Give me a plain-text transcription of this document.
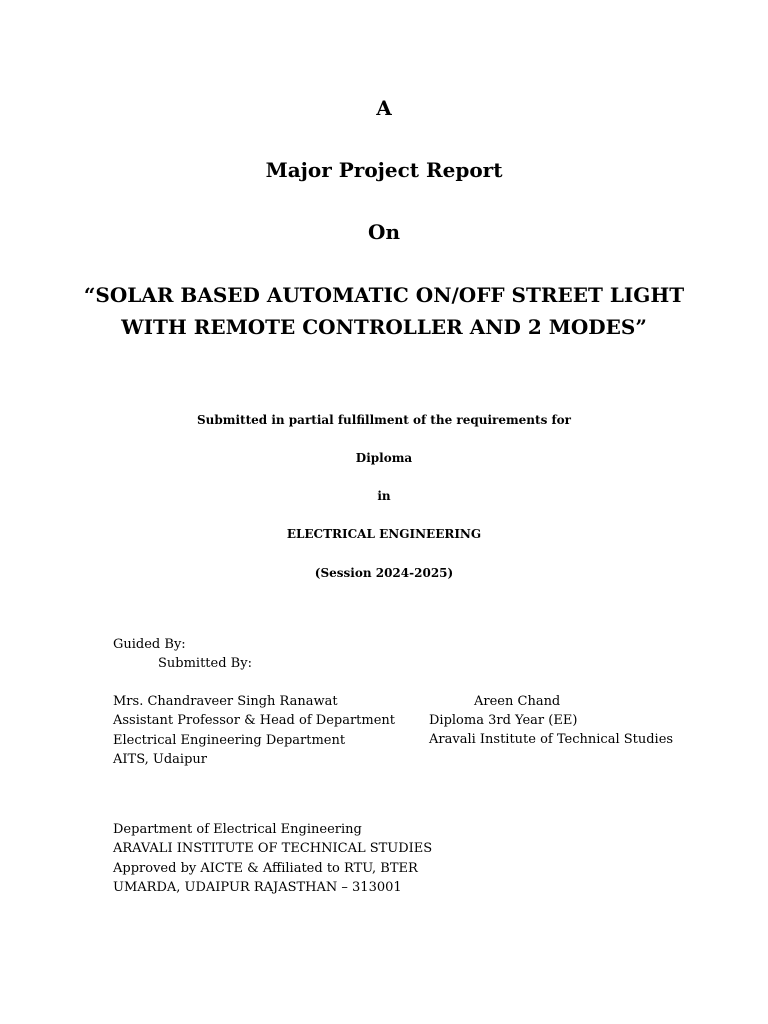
A

Major Project Report

On

“SOLAR BASED AUTOMATIC ON/OFF STREET LIGHT
WITH REMOTE CONTROLLER AND 2 MODES”

Submitted in partial fulfillment of the requirements for

Diploma

in

ELECTRICAL ENGINEERING

(Session 2024-2025)

Guided By:

Submitted By:

Mrs. Chandraveer Singh Ranawat
Assistant Professor & Head of Department
Electrical Engineering Department
AITS, Udaipur

Areen Chand

Diploma 3rd Year (EE)
Aravali Institute of Technical Studies
Department of Electrical Engineering
ARAVALI INSTITUTE OF TECHNICAL STUDIES
Approved by AICTE & Affiliated to RTU, BTER
UMARDA, UDAIPUR RAJASTHAN – 313001
